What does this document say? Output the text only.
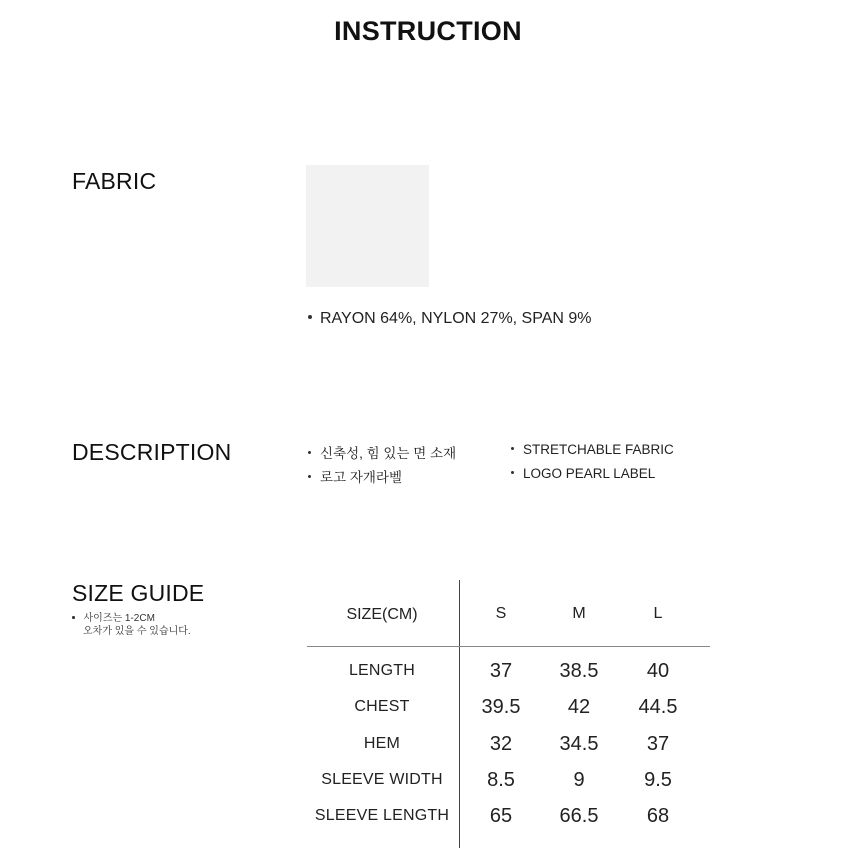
INSTRUCTION
FABRIC
RAYON 64%, NYLON 27%, SPAN 9%
DESCRIPTION	신축성, 힘 있는 면 소재
로고 자개라벨
STRETCHABLE FABRIC
LOGO PEARL LABEL
SIZE GUIDE
사이즈는 1-2CM
오차가 있을 수 있습니다.
SIZE(CM)	S	M	L
LENGTH	37	38.5	40
CHEST	39.5	42	44.5
HEM	32	34.5	37
SLEEVE WIDTH	8.5	9	9.5
SLEEVE LENGTH	65	66.5	68
